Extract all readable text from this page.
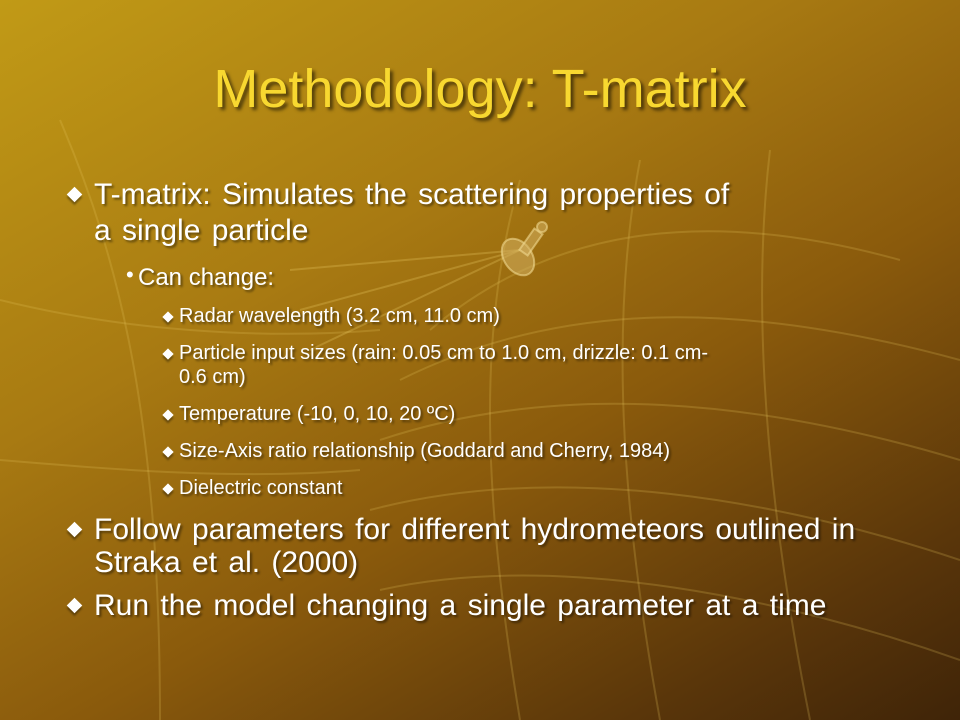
Methodology: T-matrix
T-matrix: Simulates the scattering properties of
a single particle
• Can change:
Radar wavelength (3.2 cm, 11.0 cm)
Particle input sizes (rain: 0.05 cm to 1.0 cm, drizzle: 0.1 cm-
0.6 cm)
Temperature (-10, 0, 10, 20 ºC)
Size-Axis ratio relationship (Goddard and Cherry, 1984)
Dielectric constant
Follow parameters for different hydrometeors outlined in
Straka et al. (2000)
Run the model changing a single parameter at a time
